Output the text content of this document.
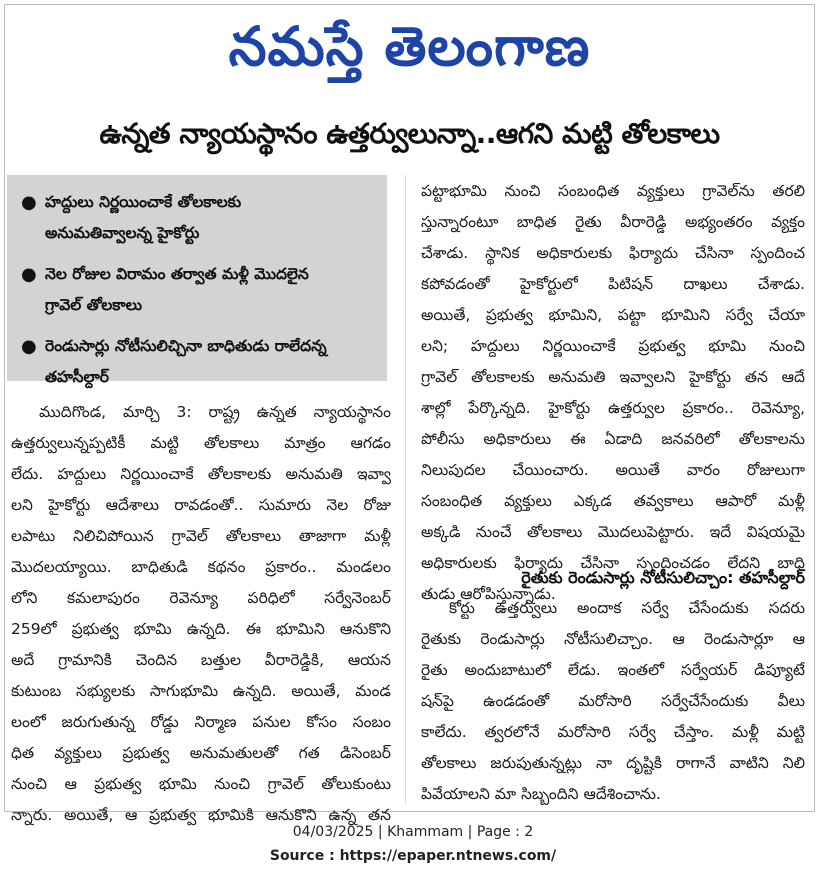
నమస్తే తెలంగాణ
ఉన్నత న్యాయస్థానం ఉత్తర్వులున్నా..ఆగని మట్టి తోలకాలు
● హద్దులు నిర్ణయించాకే తోలకాలకు
అనుమతివ్వాలన్న హైకోర్టు
● నెల రోజుల విరామం తర్వాత మళ్లీ మొదలైన
గ్రావెల్ తోలకాలు
● రెండుసార్లు నోటీసులిచ్చినా బాధితుడు రాలేదన్న
తహసీల్దార్

ముదిగొండ, మార్చి 3: రాష్ట్ర ఉన్నత న్యాయస్థానం

ఉత్తర్వులున్నప్పటికీ మట్టి తోలకాలు మాత్రం ఆగడం

లేదు. హద్దులు నిర్ణయించాకే తోలకాలకు అనుమతి ఇవ్వా

లని హైకోర్టు ఆదేశాలు రావడంతో.. సుమారు నెల రోజు

లపాటు నిలిచిపోయిన గ్రావెల్ తోలకాలు తాజాగా మళ్లీ

మొదలయ్యాయి. బాధితుడి కథనం ప్రకారం.. మండలం

లోని కమలాపురం రెవెన్యూ పరిధిలో సర్వేనెంబర్

259లో ప్రభుత్వ భూమి ఉన్నది. ఈ భూమిని ఆనుకొని

అదే గ్రామానికి చెందిన బత్తుల వీరారెడ్డికి, ఆయన

కుటుంబ సభ్యులకు సాగుభూమి ఉన్నది. అయితే, మండ

లంలో జరుగుతున్న రోడ్డు నిర్మాణ పనుల కోసం సంబం

ధిత వ్యక్తులు ప్రభుత్వ అనుమతులతో గత డిసెంబర్

నుంచి ఆ ప్రభుత్వ భూమి నుంచి గ్రావెల్ తోలుకుంటు

న్నారు. అయితే, ఆ ప్రభుత్వ భూమికి ఆనుకొని ఉన్న తన

పట్టాభూమి నుంచి సంబంధిత వ్యక్తులు గ్రావెల్‌ను తరలి

స్తున్నారంటూ బాధిత రైతు వీరారెడ్డి అభ్యంతరం వ్యక్తం

చేశాడు. స్థానిక అధికారులకు ఫిర్యాదు చేసినా స్పందించ

కపోవడంతో హైకోర్టులో పిటిషన్ దాఖలు చేశాడు.

అయితే, ప్రభుత్వ భూమిని, పట్టా భూమిని సర్వే చేయా

లని; హద్దులు నిర్ణయించాకే ప్రభుత్వ భూమి నుంచి

గ్రావెల్ తోలకాలకు అనుమతి ఇవ్వాలని హైకోర్టు తన ఆదే

శాల్లో పేర్కొన్నది. హైకోర్టు ఉత్తర్వుల ప్రకారం.. రెవెన్యూ,

పోలీసు అధికారులు ఈ ఏడాది జనవరిలో తోలకాలను

నిలుపుదల చేయించారు. అయితే వారం రోజులుగా

సంబంధిత వ్యక్తులు ఎక్కడ తవ్వకాలు ఆపారో మళ్లీ

అక్కడి నుంచే తోలకాలు మొదలుపెట్టారు. ఇదే విషయమై

అధికారులకు ఫిర్యాదు చేసినా స్పందించడం లేదని బాధి

తుడు ఆరోపిస్తున్నాడు.

రైతుకు రెండుసార్లు నోటీసులిచ్చాం: తహసీల్దార్

కోర్టు ఉత్తర్వులు అందాక సర్వే చేసేందుకు సదరు

రైతుకు రెండుసార్లు నోటీసులిచ్చాం. ఆ రెండుసార్లూ ఆ

రైతు అందుబాటులో లేడు. ఇంతలో సర్వేయర్ డిప్యూటే

షన్‌పై ఉండడంతో మరోసారి సర్వేచేసేందుకు వీలు

కాలేదు. త్వరలోనే మరోసారి సర్వే చేస్తాం. మళ్లీ మట్టి

తోలకాలు జరుపుతున్నట్లు నా దృష్టికి రాగానే వాటిని నిలి

పివేయాలని మా సిబ్బందిని ఆదేశించాను.

04/03/2025 | Khammam | Page : 2
Source : https://epaper.ntnews.com/
